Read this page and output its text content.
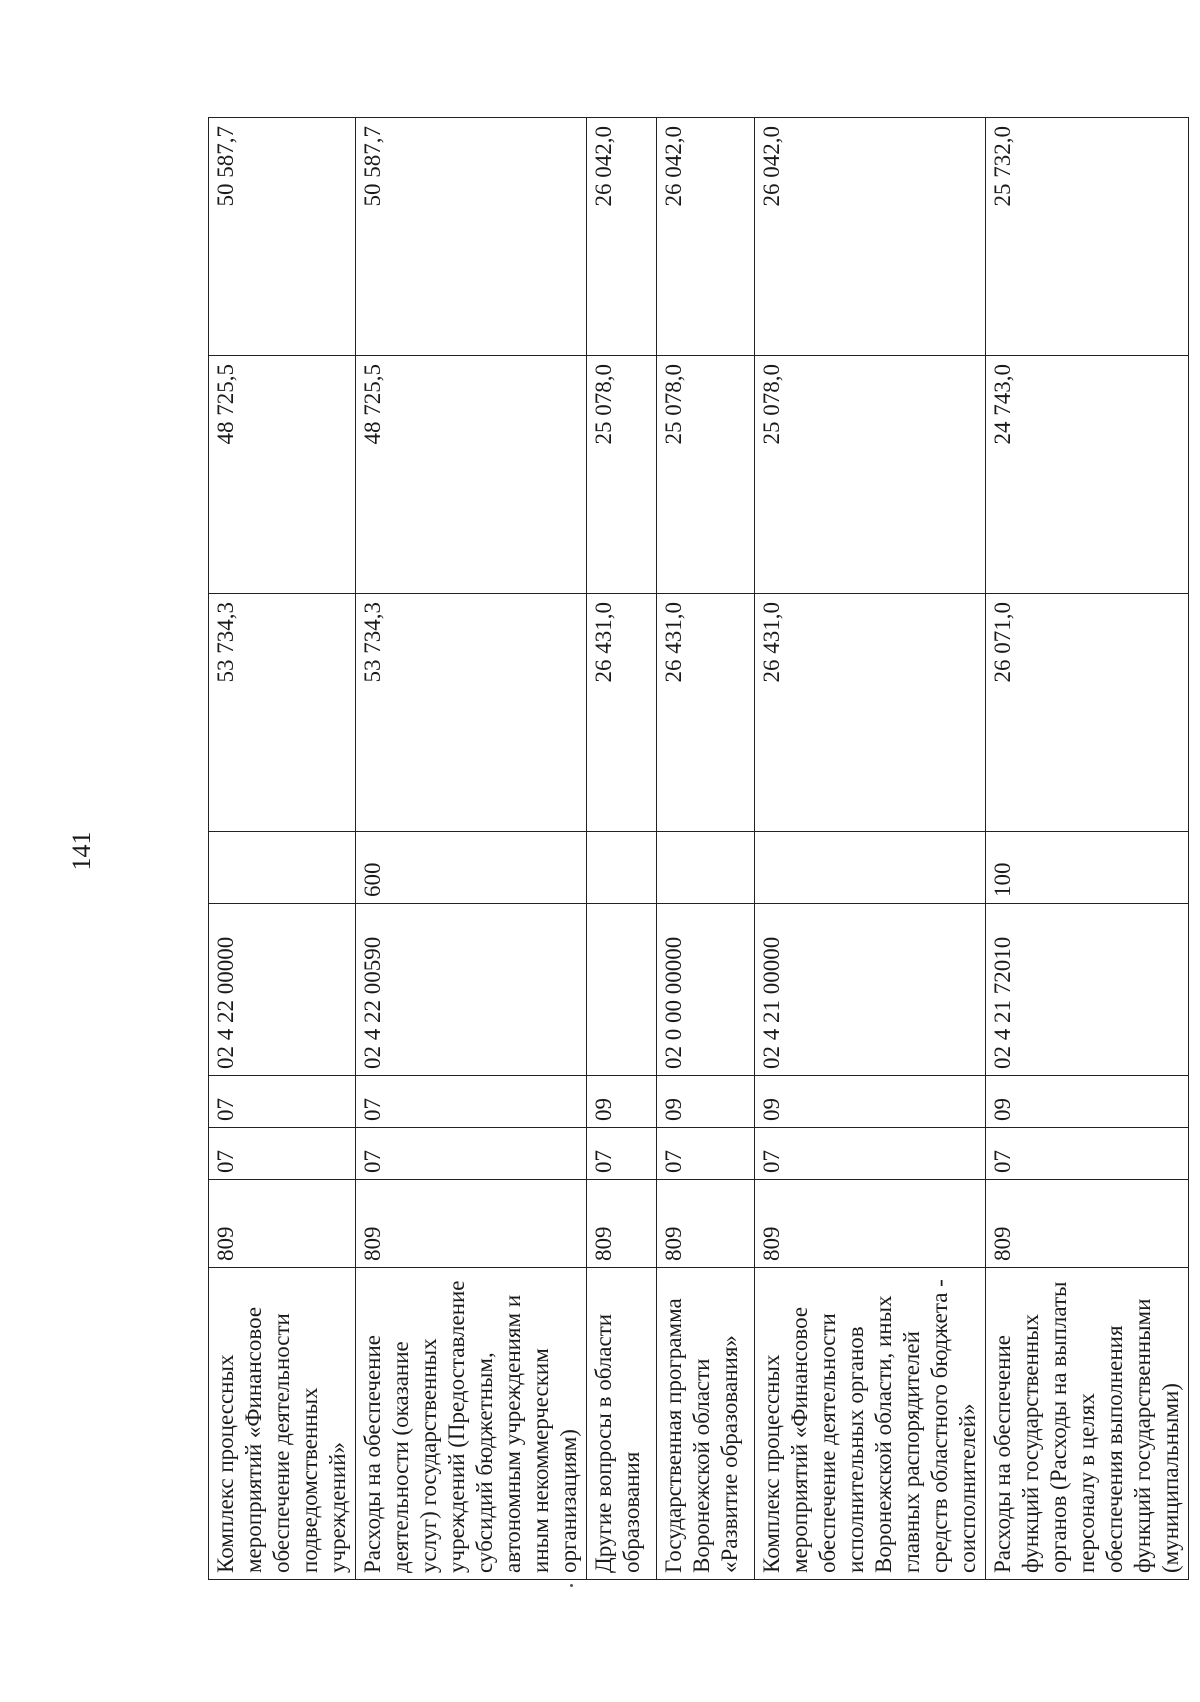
141
Комплекс процессных мероприятий «Финансовое обеспечение деятельности подведомственных учреждений»	809	07	07	02 4 22 00000		53 734,3	48 725,5	50 587,7
Расходы на обеспечение деятельности (оказание услуг) государственных учреждений (Предоставление субсидий бюджетным, автономным учреждениям и иным некоммерческим организациям)	809	07	07	02 4 22 00590	600	53 734,3	48 725,5	50 587,7
Другие вопросы в области образования	809	07	09			26 431,0	25 078,0	26 042,0
Государственная программа Воронежской области «Развитие образования»	809	07	09	02 0 00 00000		26 431,0	25 078,0	26 042,0
Комплекс процессных мероприятий «Финансовое обеспечение деятельности исполнительных органов Воронежской области, иных главных распорядителей средств областного бюджета - соисполнителей»	809	07	09	02 4 21 00000		26 431,0	25 078,0	26 042,0
Расходы на обеспечение функций государственных органов (Расходы на выплаты персоналу в целях обеспечения выполнения функций государственными (муниципальными)	809	07	09	02 4 21 72010	100	26 071,0	24 743,0	25 732,0
